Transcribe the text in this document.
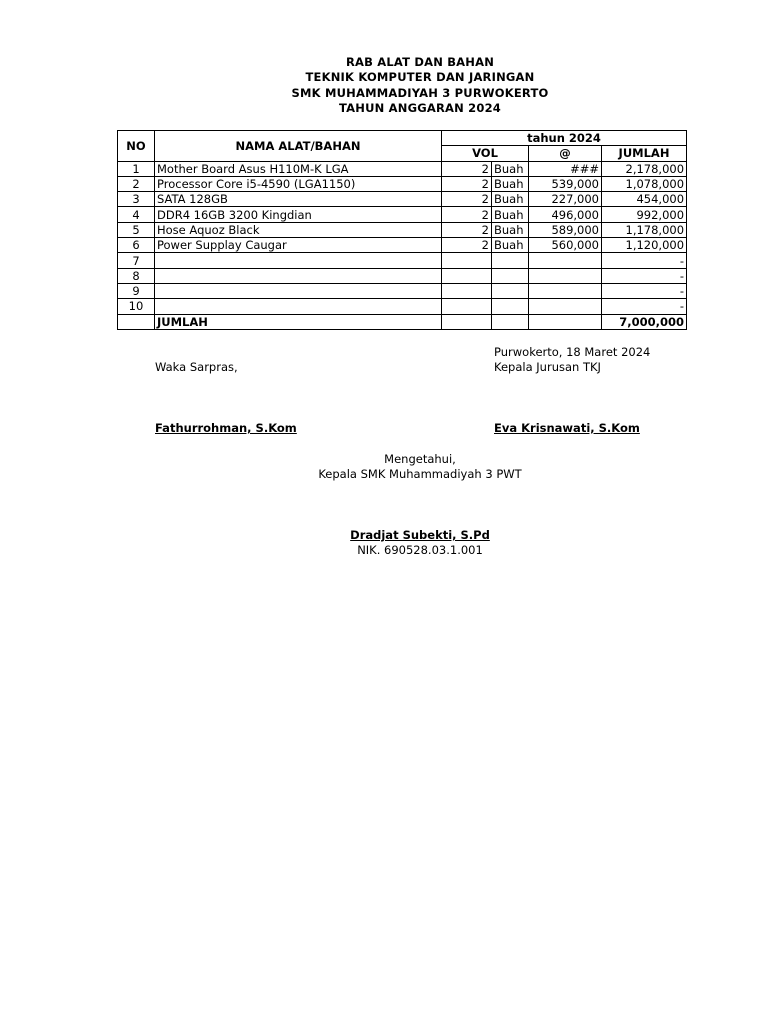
RAB ALAT DAN BAHAN
TEKNIK KOMPUTER DAN JARINGAN
SMK MUHAMMADIYAH 3 PURWOKERTO
TAHUN ANGGARAN 2024
NO	NAMA ALAT/BAHAN	tahun 2024			
		VOL		@	JUMLAH
1	Mother Board Asus H110M-K LGA	2	Buah	###	2,178,000
2	Processor Core i5-4590 (LGA1150)	2	Buah	539,000	1,078,000
3	SATA 128GB	2	Buah	227,000	454,000
4	DDR4 16GB 3200 Kingdian	2	Buah	496,000	992,000
5	Hose Aquoz Black	2	Buah	589,000	1,178,000
6	Power Supplay Caugar	2	Buah	560,000	1,120,000
7					-
8					-
9					-
10					-
	JUMLAH				7,000,000
Purwokerto, 18 Maret 2024
Waka Sarpras,	Kepala Jurusan TKJ
Fathurrohman, S.Kom	Eva Krisnawati, S.Kom
Mengetahui,
Kepala SMK Muhammadiyah 3 PWT
Dradjat Subekti, S.Pd
NIK. 690528.03.1.001
